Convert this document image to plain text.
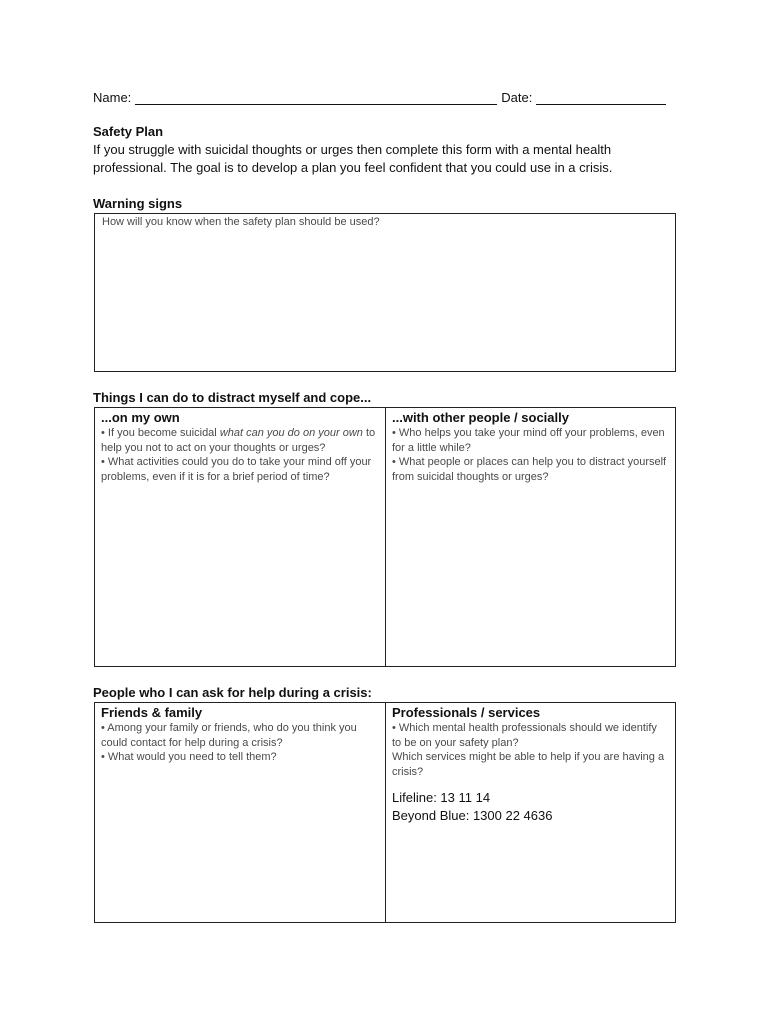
Name:	Date:
Safety Plan
If you struggle with suicidal thoughts or urges then complete this form with a mental health professional. The goal is to develop a plan you feel confident that you could use in a crisis.
Warning signs
How will you know when the safety plan should be used?
Things I can do to distract myself and cope...
...on my own
• If you become suicidal what can you do on your own to help you not to act on your thoughts or urges?
• What activities could you do to take your mind off your problems, even if it is for a brief period of time?
...with other people / socially
• Who helps you take your mind off your problems, even for a little while?
• What people or places can help you to distract yourself from suicidal thoughts or urges?
People who I can ask for help during a crisis:
Friends & family
• Among your family or friends, who do you think you could contact for help during a crisis?
• What would you need to tell them?
Professionals / services
• Which mental health professionals should we identify to be on your safety plan?
Which services might be able to help if you are having a crisis?
Lifeline: 13 11 14
Beyond Blue: 1300 22 4636
